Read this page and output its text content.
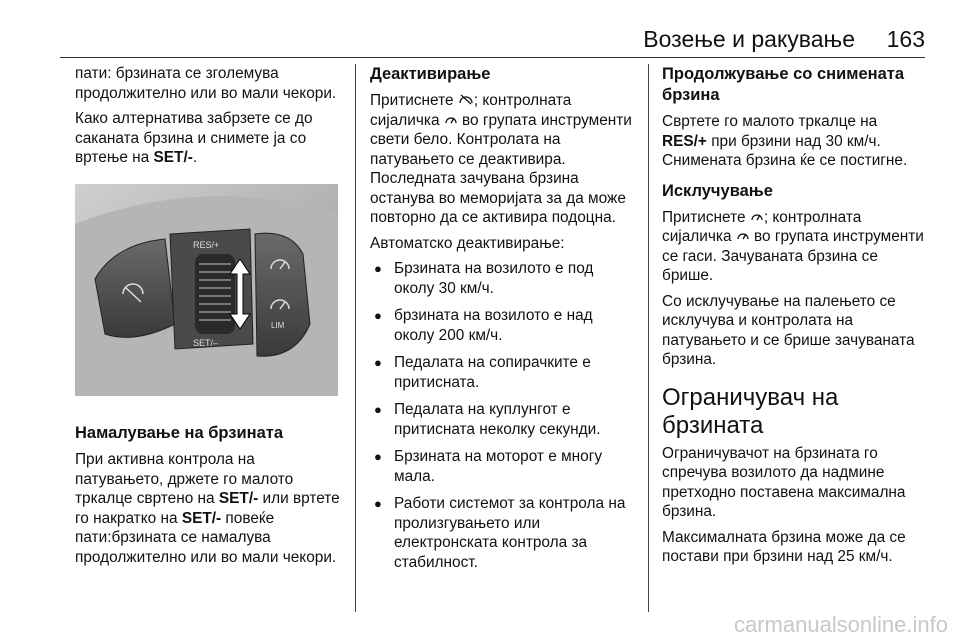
Возење и ракување 163

пати: брзината се зголемува продолжително или во мали чекори.

Како алтернатива забрзете се до саканата брзина и снимете ја со вртење на SET/-.

RES/+
SET/–
LIM
Намалување на брзината

При активна контрола на патувањето, држете го малото тркалце свртено на SET/- или вртете го накратко на SET/- повеќе пати:брзината се намалува продолжително или во мали чекори.

Деактивирање

Притиснете ; контролната сијаличка  во групата инструменти свети бело. Контролата на патувањето се деактивира. Последната зачувана брзина останува во меморијата за да може повторно да се активира подоцна.

Автоматско деактивирање:

● Брзината на возилото е под околу 30 км/ч.
● брзината на возилото е над околу 200 км/ч.
● Педалата на сопирачките е притисната.
● Педалата на куплунгот е притисната неколку секунди.
● Брзината на моторот е многу мала.
● Работи системот за контрола на пролизгувањето или електронската контрола за стабилност.
Продолжување со снимената брзина

Свртете го малото тркалце на RES/+ при брзини над 30 км/ч. Снимената брзина ќе се постигне.

Исклучување

Притиснете ; контролната сијаличка  во групата инструменти се гаси. Зачуваната брзина се брише.

Со исклучување на палењето се исклучува и контролата на патувањето и се брише зачуваната брзина.

Ограничувач на брзината

Ограничувачот на брзината го спречува возилото да надмине претходно поставена максимална брзина.

Максималната брзина може да се постави при брзини над 25 км/ч.

carmanualsonline.info
